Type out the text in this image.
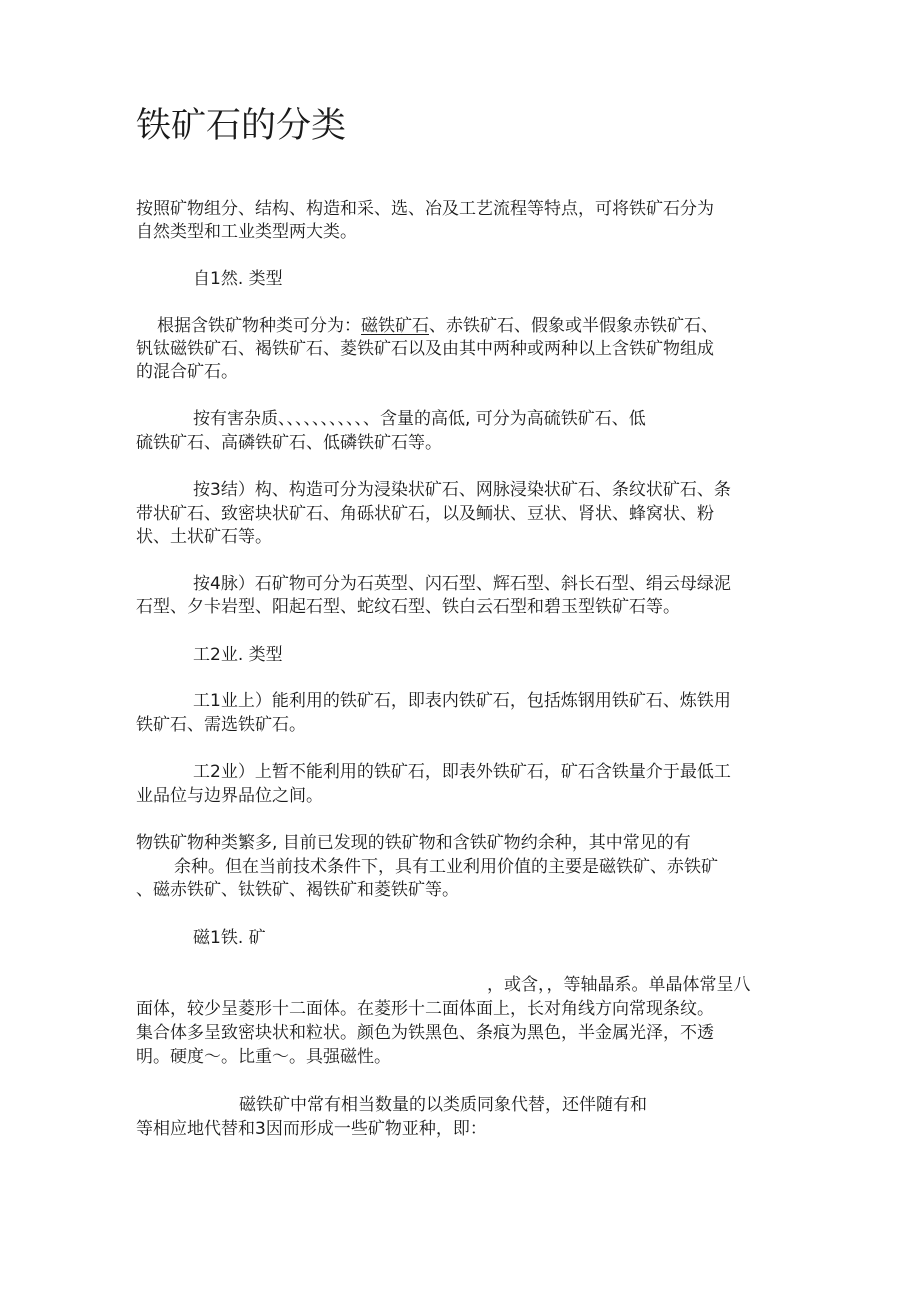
铁矿石的分类
按照矿物组分、结构、构造和采、选、冶及工艺流程等特点，可将铁矿石分为
自然类型和工业类型两大类。
自1然. 类型
根据含铁矿物种类可分为：磁铁矿石、赤铁矿石、假象或半假象赤铁矿石、
钒钛磁铁矿石、褐铁矿石、菱铁矿石以及由其中两种或两种以上含铁矿物组成
的混合矿石。
按有害杂质、、、、、、、、、、、含量的高低, 可分为高硫铁矿石、低
硫铁矿石、高磷铁矿石、低磷铁矿石等。
按3结）构、构造可分为浸染状矿石、网脉浸染状矿石、条纹状矿石、条
带状矿石、致密块状矿石、角砾状矿石，以及鲕状、豆状、肾状、蜂窝状、粉
状、土状矿石等。
按4脉）石矿物可分为石英型、闪石型、辉石型、斜长石型、绢云母绿泥
石型、夕卡岩型、阳起石型、蛇纹石型、铁白云石型和碧玉型铁矿石等。
工2业. 类型
工1业上）能利用的铁矿石，即表内铁矿石，包括炼钢用铁矿石、炼铁用
铁矿石、需选铁矿石。
工2业）上暂不能利用的铁矿石，即表外铁矿石，矿石含铁量介于最低工
业品位与边界品位之间。
物铁矿物种类繁多, 目前已发现的铁矿物和含铁矿物约余种，其中常见的有
余种。但在当前技术条件下，具有工业利用价值的主要是磁铁矿、赤铁矿
、磁赤铁矿、钛铁矿、褐铁矿和菱铁矿等。
磁1铁. 矿
，或含，，等轴晶系。单晶体常呈八
面体，较少呈菱形十二面体。在菱形十二面体面上，长对角线方向常现条纹。
集合体多呈致密块状和粒状。颜色为铁黑色、条痕为黑色，半金属光泽，不透
明。硬度～。比重～。具强磁性。
磁铁矿中常有相当数量的以类质同象代替，还伴随有和
等相应地代替和3因而形成一些矿物亚种，即：
